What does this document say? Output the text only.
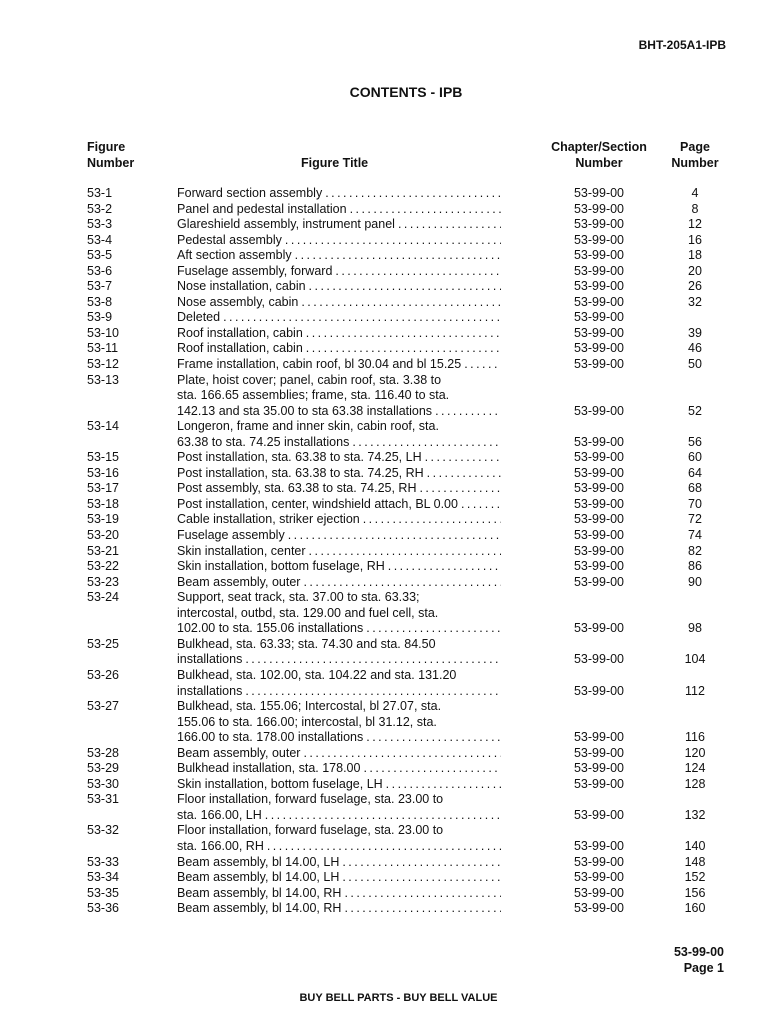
BHT-205A1-IPB
CONTENTS - IPB
Figure
Number	Figure Title
Chapter/Section
Number
Page
Number
53-1	Forward section assembly . . .	53-99-00	4
53-2	Panel and pedestal installation . . .	53-99-00	8
53-3	Glareshield assembly, instrument panel . . .	53-99-00	12
53-4	Pedestal assembly . . .	53-99-00	16
53-5	Aft section assembly . . .	53-99-00	18
53-6	Fuselage assembly, forward . . .	53-99-00	20
53-7	Nose installation, cabin . . .	53-99-00	26
53-8	Nose assembly, cabin . . .	53-99-00	32
53-9	Deleted . . .	53-99-00
53-10	Roof installation, cabin . . .	53-99-00	39
53-11	Roof installation, cabin . . .	53-99-00	46
53-12	Frame installation, cabin roof, bl 30.04 and bl 15.25 . . .	53-99-00	50
53-13	Plate, hoist cover; panel, cabin roof, sta. 3.38 to
sta. 166.65 assemblies; frame, sta. 116.40 to sta.
142.13 and sta 35.00 to sta 63.38 installations . . .	53-99-00	52
53-14	Longeron, frame and inner skin, cabin roof, sta.
63.38 to sta. 74.25 installations . . .	53-99-00	56
53-15	Post installation, sta. 63.38 to sta. 74.25, LH . . .	53-99-00	60
53-16	Post installation, sta. 63.38 to sta. 74.25, RH . . .	53-99-00	64
53-17	Post assembly, sta. 63.38 to sta. 74.25, RH . . .	53-99-00	68
53-18	Post installation, center, windshield attach, BL 0.00 . . .	53-99-00	70
53-19	Cable installation, striker ejection . . .	53-99-00	72
53-20	Fuselage assembly . . .	53-99-00	74
53-21	Skin installation, center . . .	53-99-00	82
53-22	Skin installation, bottom fuselage, RH . . .	53-99-00	86
53-23	Beam assembly, outer . . .	53-99-00	90
53-24	Support, seat track, sta. 37.00 to sta. 63.33;
intercostal, outbd, sta. 129.00 and fuel cell, sta.
102.00 to sta. 155.06 installations . . .	53-99-00	98
53-25	Bulkhead, sta. 63.33; sta. 74.30 and sta. 84.50
installations . . .	53-99-00	104
53-26	Bulkhead, sta. 102.00, sta. 104.22 and sta. 131.20
installations . . .	53-99-00	112
53-27	Bulkhead, sta. 155.06; Intercostal, bl 27.07, sta.
155.06 to sta. 166.00; intercostal, bl 31.12, sta.
166.00 to sta. 178.00 installations . . .	53-99-00	116
53-28	Beam assembly, outer . . .	53-99-00	120
53-29	Bulkhead installation, sta. 178.00 . . .	53-99-00	124
53-30	Skin installation, bottom fuselage, LH . . .	53-99-00	128
53-31	Floor installation, forward fuselage, sta. 23.00 to
sta. 166.00, LH . . .	53-99-00	132
53-32	Floor installation, forward fuselage, sta. 23.00 to
sta. 166.00, RH . . .	53-99-00	140
53-33	Beam assembly, bl 14.00, LH . . .	53-99-00	148
53-34	Beam assembly, bl 14.00, LH . . .	53-99-00	152
53-35	Beam assembly, bl 14.00, RH . . .	53-99-00	156
53-36	Beam assembly, bl 14.00, RH . . .	53-99-00	160
53-99-00
Page 1
BUY BELL PARTS - BUY BELL VALUE
